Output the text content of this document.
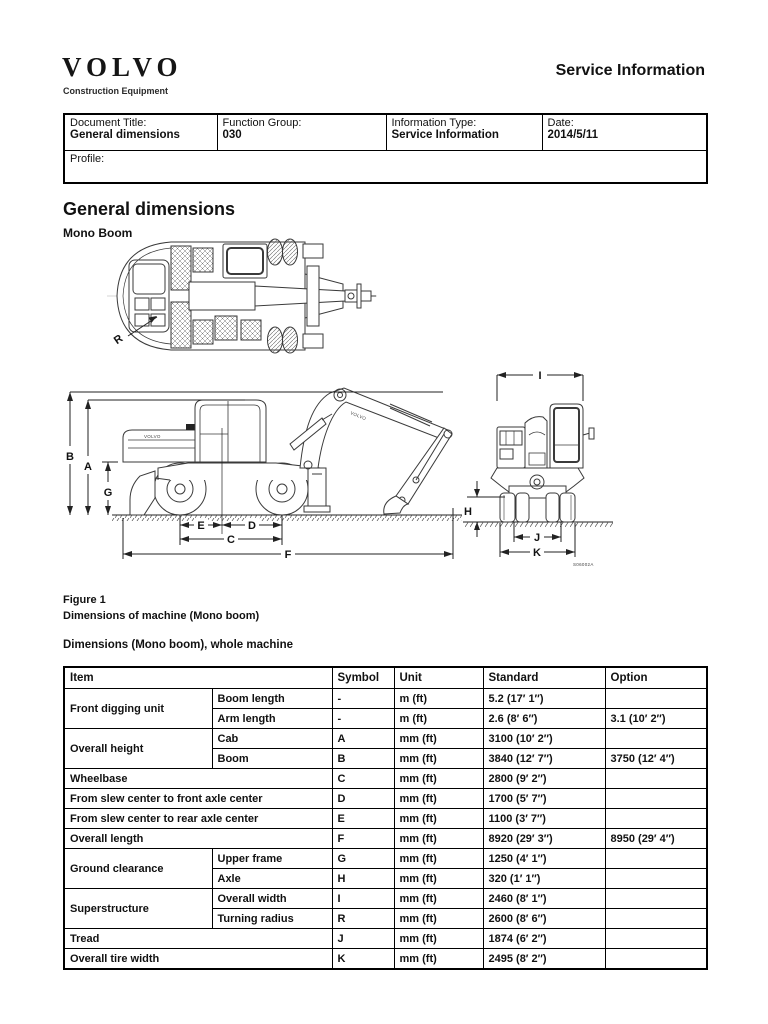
VOLVO
Construction Equipment
Service Information
Document Title:
General dimensions

Function Group:
030

Information Type:
Service Information

Date:
2014/5/11

Profile:
General dimensions
Mono Boom
R
VOLVO
VOLVO
B
A
G
E	D
C
F
I
H
J
K
S06002A
Figure 1
Dimensions of machine (Mono boom)
Dimensions (Mono boom), whole machine
Item		Symbol	Unit	Standard	Option
Front digging unit	Boom length	-	m (ft)	5.2 (17′ 1″)	
	Arm length	-	m (ft)	2.6 (8′ 6″)	3.1 (10′ 2″)
Overall height	Cab	A	mm (ft)	3100 (10′ 2″)	
	Boom	B	mm (ft)	3840 (12′ 7″)	3750 (12′ 4″)
Wheelbase		C	mm (ft)	2800 (9′ 2″)	
From slew center to front axle center		D	mm (ft)	1700 (5′ 7″)	
From slew center to rear axle center		E	mm (ft)	1100 (3′ 7″)	
Overall length		F	mm (ft)	8920 (29′ 3″)	8950 (29′ 4″)
Ground clearance	Upper frame	G	mm (ft)	1250 (4′ 1″)	
	Axle	H	mm (ft)	320 (1′ 1″)	
Superstructure	Overall width	I	mm (ft)	2460 (8′ 1″)	
	Turning radius	R	mm (ft)	2600 (8′ 6″)	
Tread		J	mm (ft)	1874 (6′ 2″)	
Overall tire width		K	mm (ft)	2495 (8′ 2″)	
